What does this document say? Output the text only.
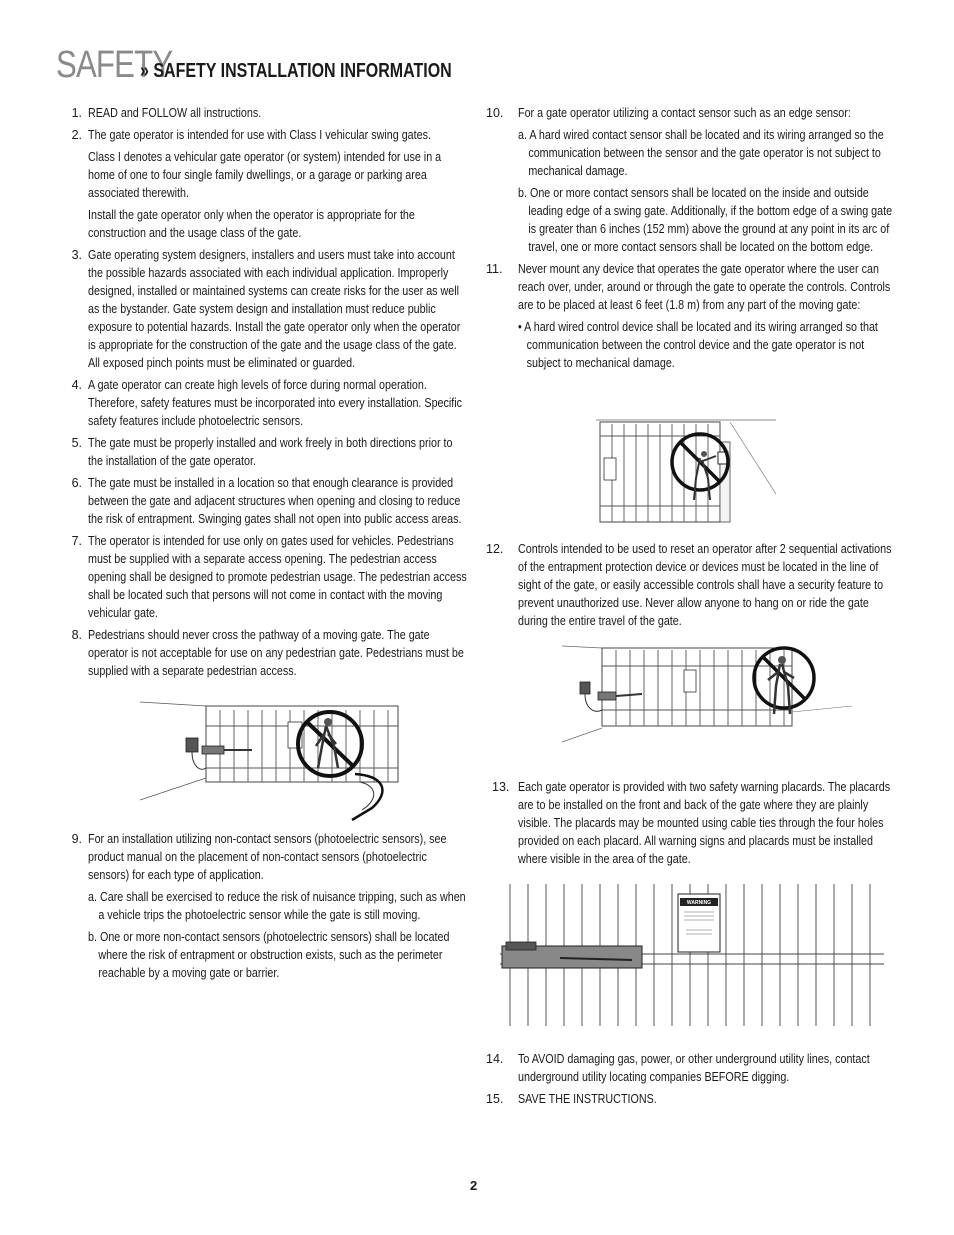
SAFETY
» SAFETY INSTALLATION INFORMATION
1. READ and FOLLOW all instructions.
2. The gate operator is intended for use with Class I vehicular swing gates.
Class I denotes a vehicular gate operator (or system) intended for use in a home of one to four single family dwellings, or a garage or parking area associated therewith.
Install the gate operator only when the operator is appropriate for the construction and the usage class of the gate.
3. Gate operating system designers, installers and users must take into account the possible hazards associated with each individual application. Improperly designed, installed or maintained systems can create risks for the user as well as the bystander. Gate system design and installation must reduce public exposure to potential hazards. Install the gate operator only when the operator is appropriate for the construction of the gate and the usage class of the gate. All exposed pinch points must be eliminated or guarded.
4. A gate operator can create high levels of force during normal operation. Therefore, safety features must be incorporated into every installation. Specific safety features include photoelectric sensors.
5. The gate must be properly installed and work freely in both directions prior to the installation of the gate operator.
6. The gate must be installed in a location so that enough clearance is provided between the gate and adjacent structures when opening and closing to reduce the risk of entrapment. Swinging gates shall not open into public access areas.
7. The operator is intended for use only on gates used for vehicles. Pedestrians must be supplied with a separate access opening. The pedestrian access opening shall be designed to promote pedestrian usage. The pedestrian access shall be located such that persons will not come in contact with the moving vehicular gate.
8. Pedestrians should never cross the pathway of a moving gate. The gate operator is not acceptable for use on any pedestrian gate. Pedestrians must be supplied with a separate pedestrian access.
9. For an installation utilizing non-contact sensors (photoelectric sensors), see product manual on the placement of non-contact sensors (photoelectric sensors) for each type of application.
a. Care shall be exercised to reduce the risk of nuisance tripping, such as when a vehicle trips the photoelectric sensor while the gate is still moving.
b. One or more non-contact sensors (photoelectric sensors) shall be located where the risk of entrapment or obstruction exists, such as the perimeter reachable by a moving gate or barrier.
10. For a gate operator utilizing a contact sensor such as an edge sensor:
a. A hard wired contact sensor shall be located and its wiring arranged so the communication between the sensor and the gate operator is not subject to mechanical damage.
b. One or more contact sensors shall be located on the inside and outside leading edge of a swing gate. Additionally, if the bottom edge of a swing gate is greater than 6 inches (152 mm) above the ground at any point in its arc of travel, one or more contact sensors shall be located on the bottom edge.
11. Never mount any device that operates the gate operator where the user can reach over, under, around or through the gate to operate the controls. Controls are to be placed at least 6 feet (1.8 m) from any part of the moving gate:
• A hard wired control device shall be located and its wiring arranged so that communication between the control device and the gate operator is not subject to mechanical damage.
12.	Controls intended to be used to reset an operator after 2 sequential activations of the entrapment protection device or devices must be located in the line of sight of the gate, or easily accessible controls shall have a security feature to prevent unauthorized use. Never allow anyone to hang on or ride the gate during the entire travel of the gate.
13. Each gate operator is provided with two safety warning placards. The placards are to be installed on the front and back of the gate where they are plainly visible. The placards may be mounted using cable ties through the four holes provided on each placard. All warning signs and placards must be installed where visible in the area of the gate.
WARNING
14.	To AVOID damaging gas, power, or other underground utility lines, contact underground utility locating companies BEFORE digging.
15.	SAVE THE INSTRUCTIONS.
2
